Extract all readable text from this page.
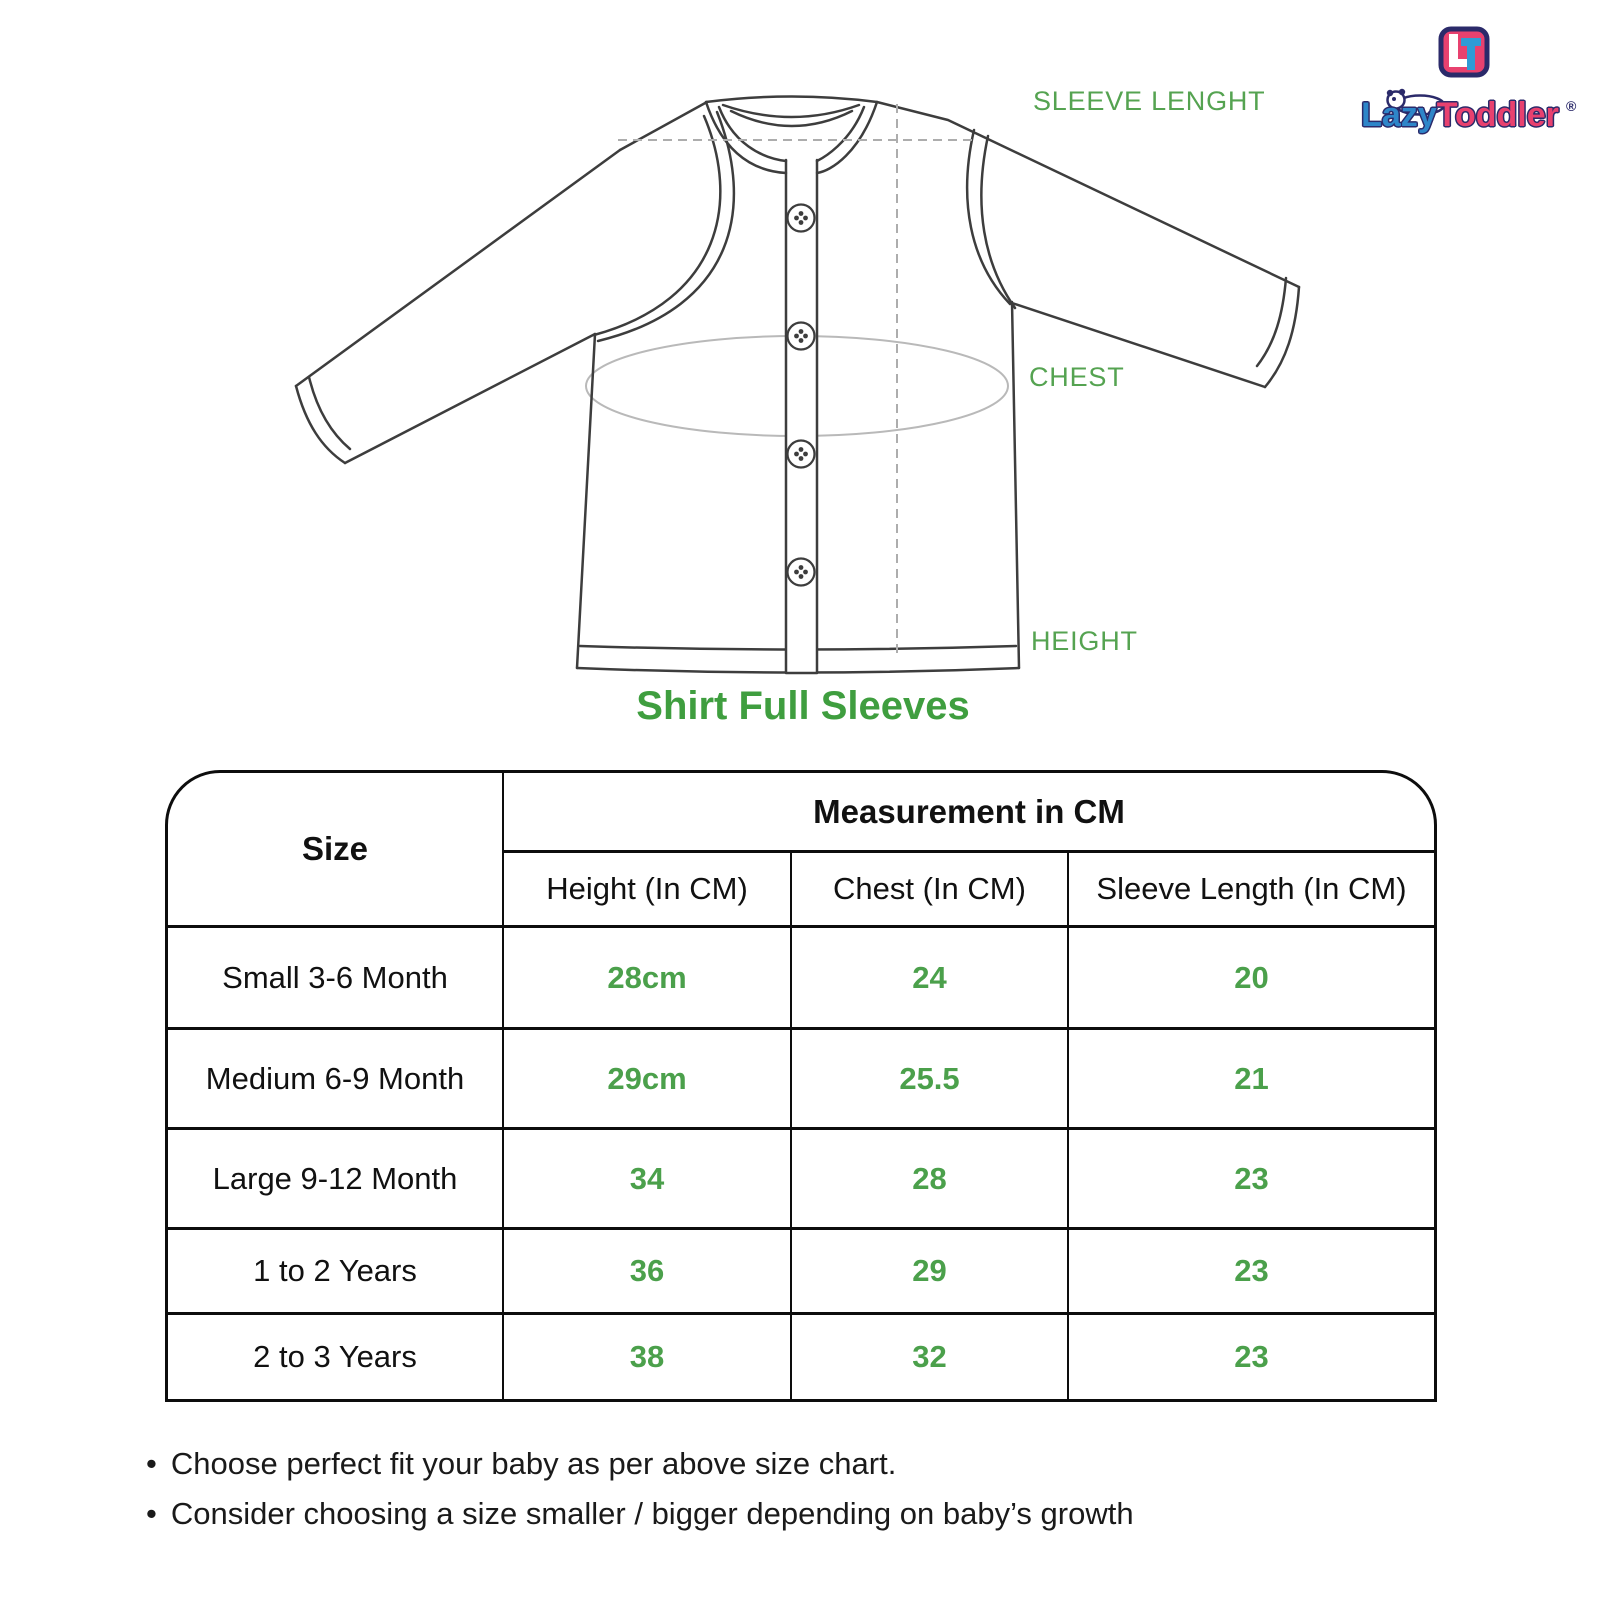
SLEEVE LENGHT
CHEST
HEIGHT
Shirt Full Sleeves
LazyToddler ®
Size
Measurement in CM
Height (In CM)	Chest (In CM)	Sleeve Length (In CM)
Small 3-6 Month	28cm	24	20
Medium 6-9 Month	29cm	25.5	21
Large 9-12 Month	34	28	23
1 to 2 Years	36	29	23
2 to 3 Years	38	32	23
• Choose perfect fit your baby as per above size chart.
• Consider choosing a size smaller / bigger depending on baby’s growth
